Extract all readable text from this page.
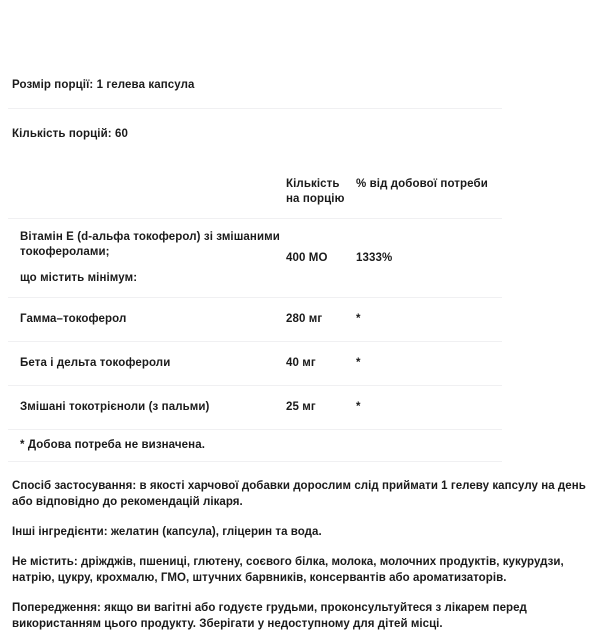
Розмір порції: 1 гелева капсула
Кількість порцій: 60
	Кількість на порцію	% від добової потреби

Вітамін Е (d-альфа токоферол) зі змішаними токоферолами;
що містить мінімум:	400 МО	1333%
Гамма–токоферол	280 мг	*
Бета і дельта токофероли	40 мг	*
Змішані токотрієноли (з пальми)	25 мг	*
* Добова потреба не визначена.

Спосіб застосування: в якості харчової добавки дорослим слід приймати 1 гелеву капсулу на день або відповідно до рекомендацій лікаря.

Інші інгредієнти: желатин (капсула), гліцерин та вода.

Не містить: дріжджів, пшениці, глютену, соєвого білка, молока, молочних продуктів, кукурудзи, натрію, цукру, крохмалю, ГМО, штучних барвників, консервантів або ароматизаторів.

Попередження: якщо ви вагітні або годуєте грудьми, проконсультуйтеся з лікарем перед використанням цього продукту. Зберігати у недоступному для дітей місці.
